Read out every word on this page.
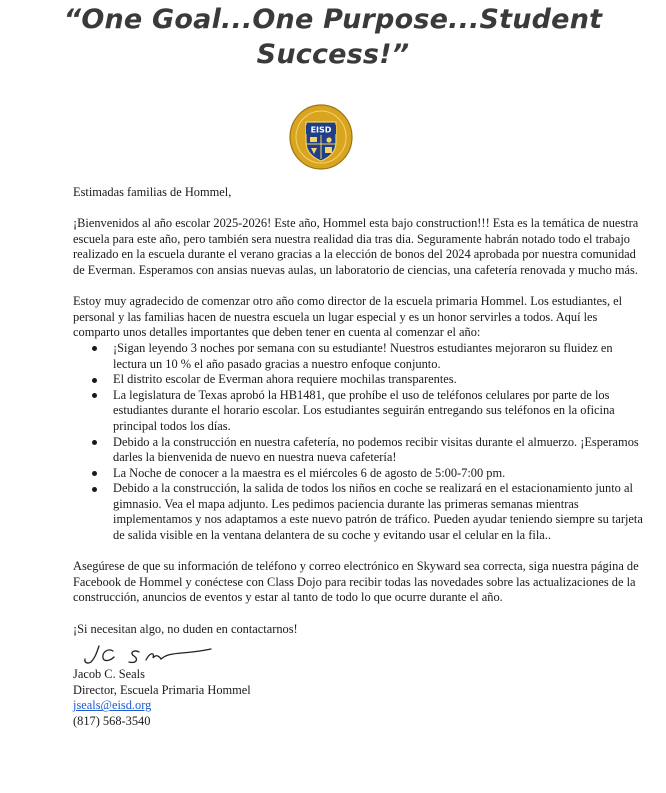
“One Goal...One Purpose...Student
Success!”
EISD

Estimadas familias de Hommel,

¡Bienvenidos al año escolar 2025-2026! Este año, Hommel esta bajo construction!!! Esta es la temática de nuestra escuela para este año, pero también sera nuestra realidad dia tras dia. Seguramente habrán notado todo el trabajo realizado en la escuela durante el verano gracias a la elección de bonos del 2024 aprobada por nuestra comunidad de Everman. Esperamos con ansias nuevas aulas, un laboratorio de ciencias, una cafetería renovada y mucho más.

Estoy muy agradecido de comenzar otro año como director de la escuela primaria Hommel. Los estudiantes, el personal y las familias hacen de nuestra escuela un lugar especial y es un honor servirles a todos. Aquí les comparto unos detalles importantes que deben tener en cuenta al comenzar el año:

¡Sigan leyendo 3 noches por semana con su estudiante! Nuestros estudiantes mejoraron su fluidez en lectura un 10 % el año pasado gracias a nuestro enfoque conjunto.
El distrito escolar de Everman ahora requiere mochilas transparentes.
La legislatura de Texas aprobó la HB1481, que prohíbe el uso de teléfonos celulares por parte de los estudiantes durante el horario escolar. Los estudiantes seguirán entregando sus teléfonos en la oficina principal todos los días.
Debido a la construcción en nuestra cafetería, no podemos recibir visitas durante el almuerzo. ¡Esperamos darles la bienvenida de nuevo en nuestra nueva cafetería!
La Noche de conocer a la maestra es el miércoles 6 de agosto de 5:00-7:00 pm.
Debido a la construcción, la salida de todos los niños en coche se realizará en el estacionamiento junto al gimnasio. Vea el mapa adjunto. Les pedimos paciencia durante las primeras semanas mientras implementamos y nos adaptamos a este nuevo patrón de tráfico. Pueden ayudar teniendo siempre su tarjeta de salida visible en la ventana delantera de su coche y evitando usar el celular en la fila..

Asegúrese de que su información de teléfono y correo electrónico en Skyward sea correcta, siga nuestra página de Facebook de Hommel y conéctese con Class Dojo para recibir todas las novedades sobre las actualizaciones de la construcción, anuncios de eventos y estar al tanto de todo lo que ocurre durante el año.

¡Si necesitan algo, no duden en contactarnos!

Jacob C. Seals

Director, Escuela Primaria Hommel

jseals@eisd.org

(817) 568-3540
